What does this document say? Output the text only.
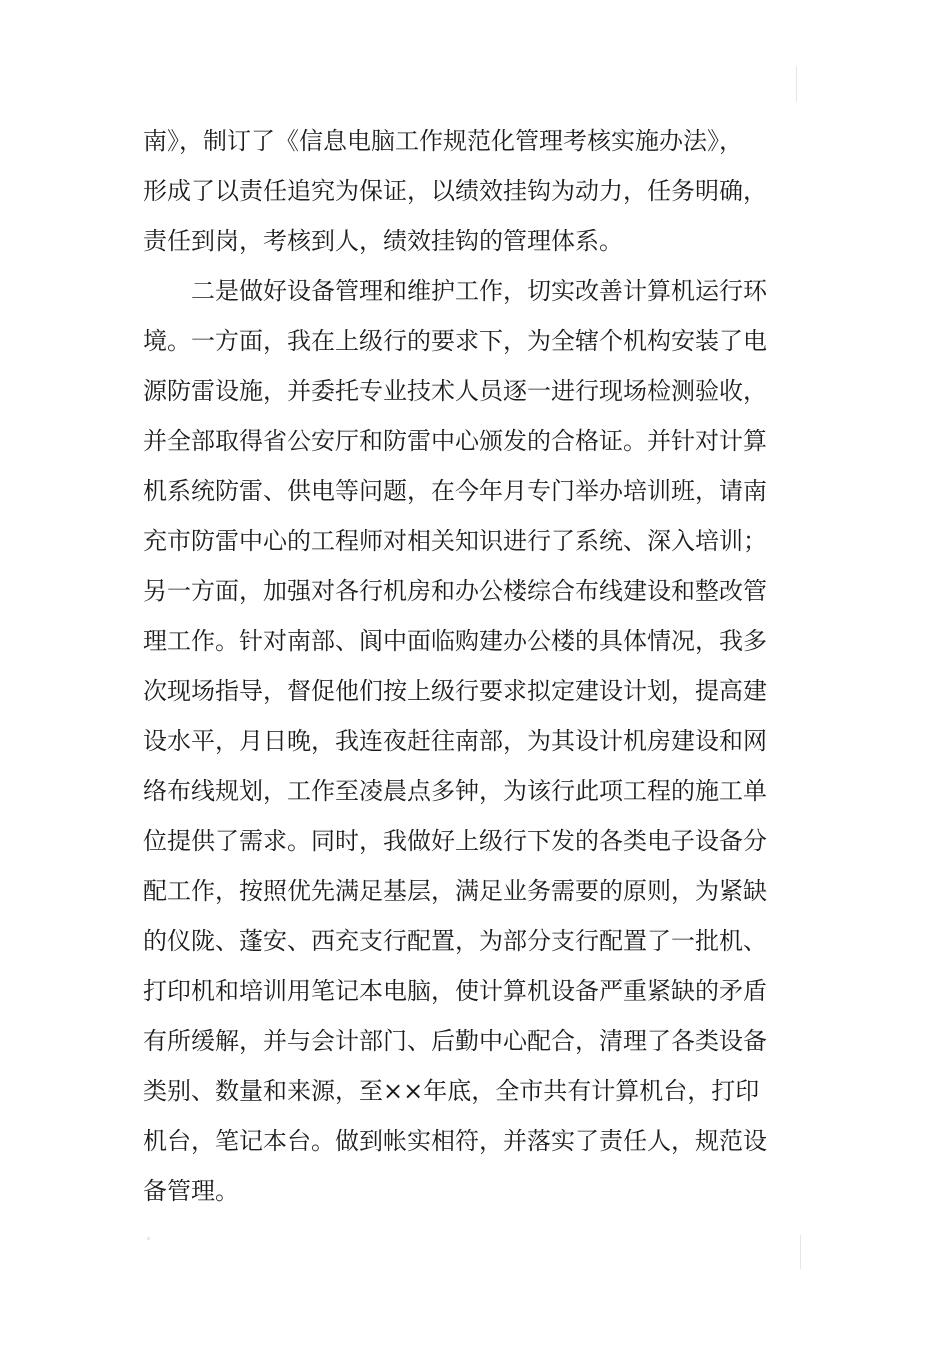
南》，制订了《信息电脑工作规范化管理考核实施办法》，
形成了以责任追究为保证，以绩效挂钩为动力，任务明确，
责任到岗，考核到人，绩效挂钩的管理体系。
　　二是做好设备管理和维护工作，切实改善计算机运行环
境。一方面，我在上级行的要求下，为全辖个机构安装了电
源防雷设施，并委托专业技术人员逐一进行现场检测验收，
并全部取得省公安厅和防雷中心颁发的合格证。并针对计算
机系统防雷、供电等问题，在今年月专门举办培训班，请南
充市防雷中心的工程师对相关知识进行了系统、深入培训；
另一方面，加强对各行机房和办公楼综合布线建设和整改管
理工作。针对南部、阆中面临购建办公楼的具体情况，我多
次现场指导，督促他们按上级行要求拟定建设计划，提高建
设水平，月日晚，我连夜赶往南部，为其设计机房建设和网
络布线规划，工作至凌晨点多钟，为该行此项工程的施工单
位提供了需求。同时，我做好上级行下发的各类电子设备分
配工作，按照优先满足基层，满足业务需要的原则，为紧缺
的仪陇、蓬安、西充支行配置，为部分支行配置了一批机、
打印机和培训用笔记本电脑，使计算机设备严重紧缺的矛盾
有所缓解，并与会计部门、后勤中心配合，清理了各类设备
类别、数量和来源，至××年底，全市共有计算机台，打印
机台，笔记本台。做到帐实相符，并落实了责任人，规范设
备管理。
